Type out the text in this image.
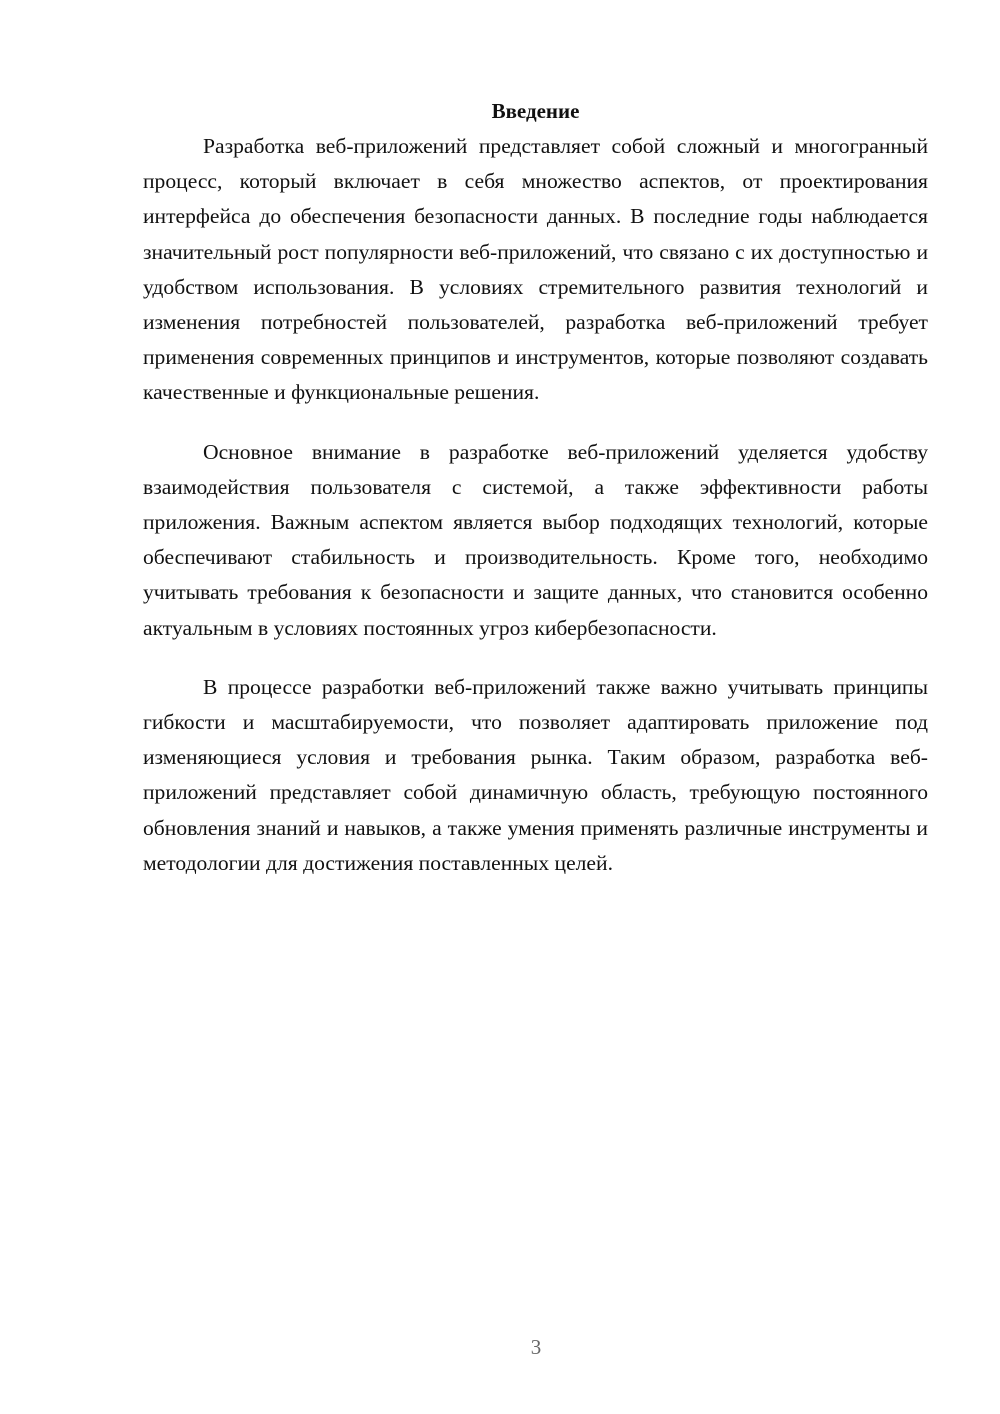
Введение

Разработка веб-приложений представляет собой сложный и многогранный процесс, который включает в себя множество аспектов, от проектирования интерфейса до обеспечения безопасности данных. В последние годы наблюдается значительный рост популярности веб-приложений, что связано с их доступностью и удобством использования. В условиях стремительного развития технологий и изменения потребностей пользователей, разработка веб-приложений требует применения современных принципов и инструментов, которые позволяют создавать качественные и функциональные решения.

Основное внимание в разработке веб-приложений уделяется удобству взаимодействия пользователя с системой, а также эффективности работы приложения. Важным аспектом является выбор подходящих технологий, которые обеспечивают стабильность и производительность. Кроме того, необходимо учитывать требования к безопасности и защите данных, что становится особенно актуальным в условиях постоянных угроз кибербезопасности.

В процессе разработки веб-приложений также важно учитывать принципы гибкости и масштабируемости, что позволяет адаптировать приложение под изменяющиеся условия и требования рынка. Таким образом, разработка веб-приложений представляет собой динамичную область, требующую постоянного обновления знаний и навыков, а также умения применять различные инструменты и методологии для достижения поставленных целей.

3
